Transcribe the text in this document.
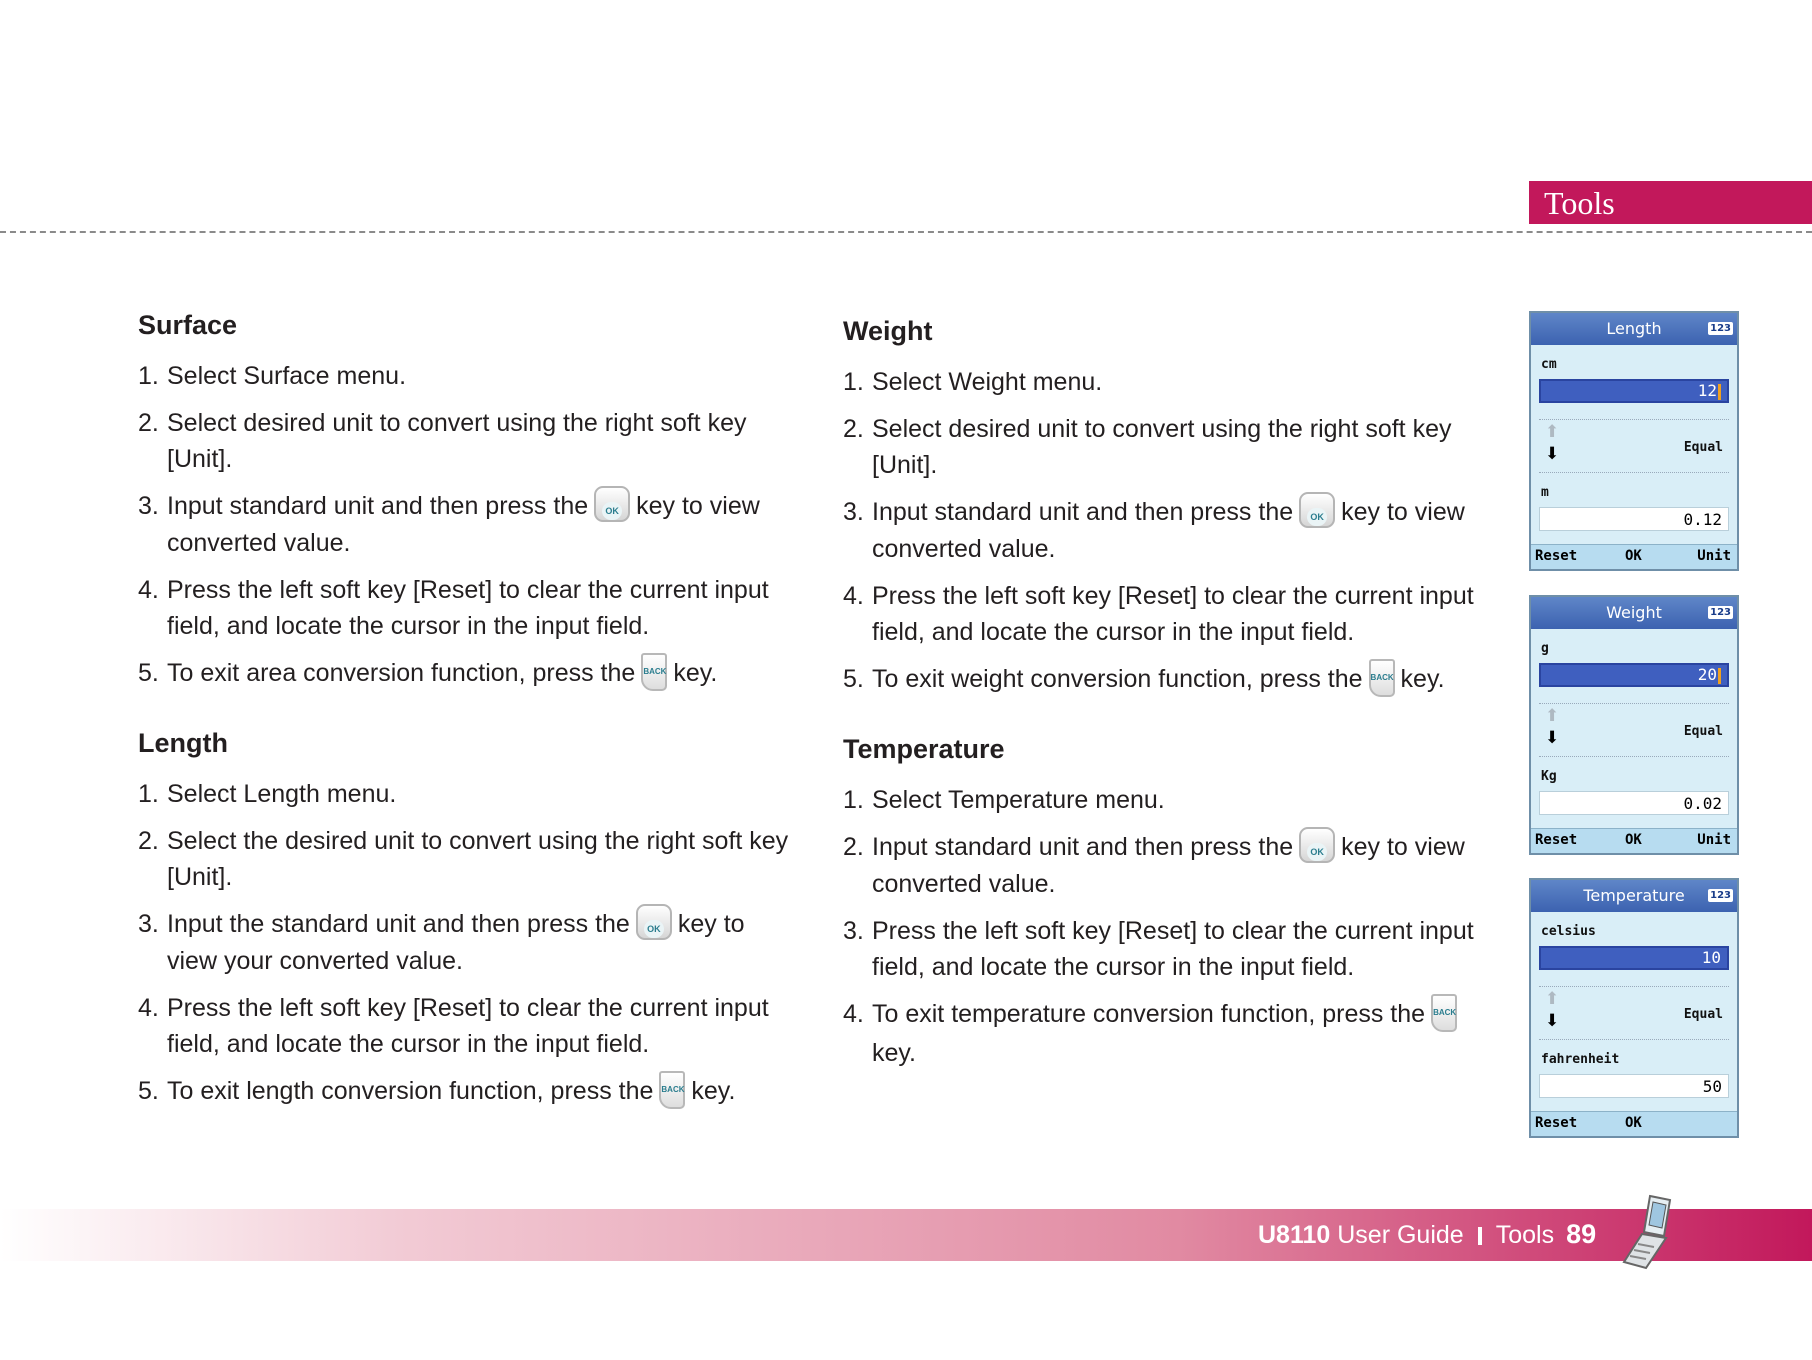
Tools
Surface
1. Select Surface menu.
2. Select desired unit to convert using the right soft key [Unit].
3. Input standard unit and then press the OK key to view converted value.
4. Press the left soft key [Reset] to clear the current input field, and locate the cursor in the input field.
5. To exit area conversion function, press the BACK key.
Length
1. Select Length menu.
2. Select the desired unit to convert using the right soft key [Unit].
3. Input the standard unit and then press the OK key to view your converted value.
4. Press the left soft key [Reset] to clear the current input field, and locate the cursor in the input field.
5. To exit length conversion function, press the BACK key.
Weight
1. Select Weight menu.
2. Select desired unit to convert using the right soft key [Unit].
3. Input standard unit and then press the OK key to view converted value.
4. Press the left soft key [Reset] to clear the current input field, and locate the cursor in the input field.
5. To exit weight conversion function, press the BACK key.
Temperature
1. Select Temperature menu.
2. Input standard unit and then press the OK key to view converted value.
3. Press the left soft key [Reset] to clear the current input field, and locate the cursor in the input field.
4. To exit temperature conversion function, press the BACKkey.
Length	123
cm
12
⬆
⬇	Equal
m
0.12
Reset	OK	Unit
Weight	123
g
20
⬆
⬇	Equal
Kg
0.02
Reset	OK	Unit
Temperature	123
celsius
10
⬆
⬇	Equal
fahrenheit
50
Reset	OK
U8110 User Guide Tools 89
